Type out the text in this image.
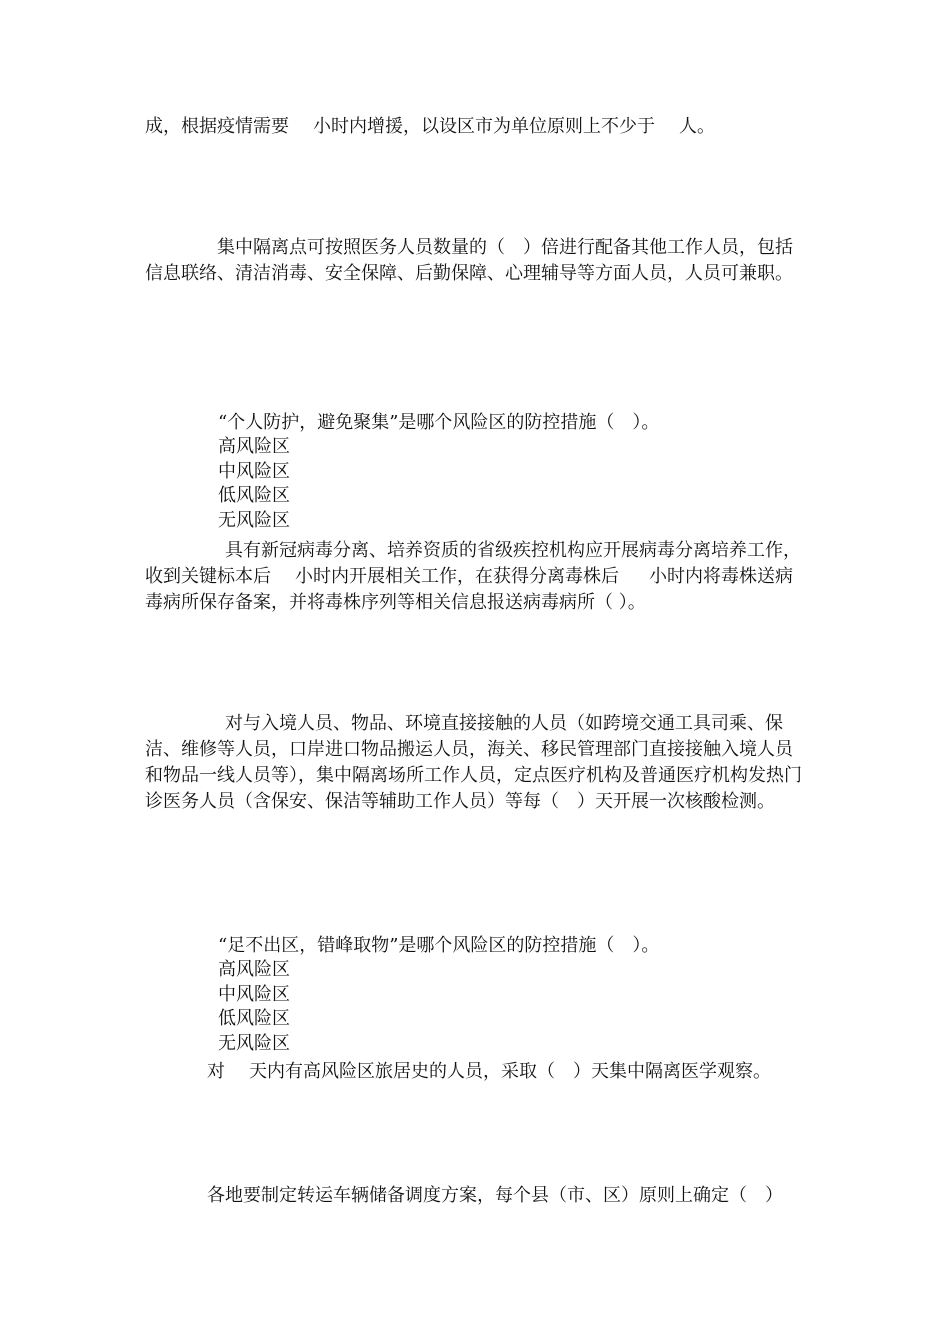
成，根据疫情需要 小时内增援，以设区市为单位原则上不少于 人。

集中隔离点可按照医务人员数量的（　）倍进行配备其他工作人员，包括信息联络、清洁消毒、安全保障、后勤保障、心理辅导等方面人员，人员可兼职。

“个人防护，避免聚集”是哪个风险区的防控措施（　）。

高风险区
中风险区
低风险区
无风险区

具有新冠病毒分离、培养资质的省级疾控机构应开展病毒分离培养工作，收到关键标本后 小时内开展相关工作，在获得分离毒株后 小时内将毒株送病毒病所保存备案，并将毒株序列等相关信息报送病毒病所（ ）。

对与入境人员、物品、环境直接接触的人员（如跨境交通工具司乘、保洁、维修等人员，口岸进口物品搬运人员，海关、移民管理部门直接接触入境人员和物品一线人员等），集中隔离场所工作人员，定点医疗机构及普通医疗机构发热门诊医务人员（含保安、保洁等辅助工作人员）等每（　）天开展一次核酸检测。

“足不出区，错峰取物”是哪个风险区的防控措施（　）。

高风险区
中风险区
低风险区
无风险区

对 天内有高风险区旅居史的人员，采取（　）天集中隔离医学观察。

各地要制定转运车辆储备调度方案，每个县（市、区）原则上确定（　）
